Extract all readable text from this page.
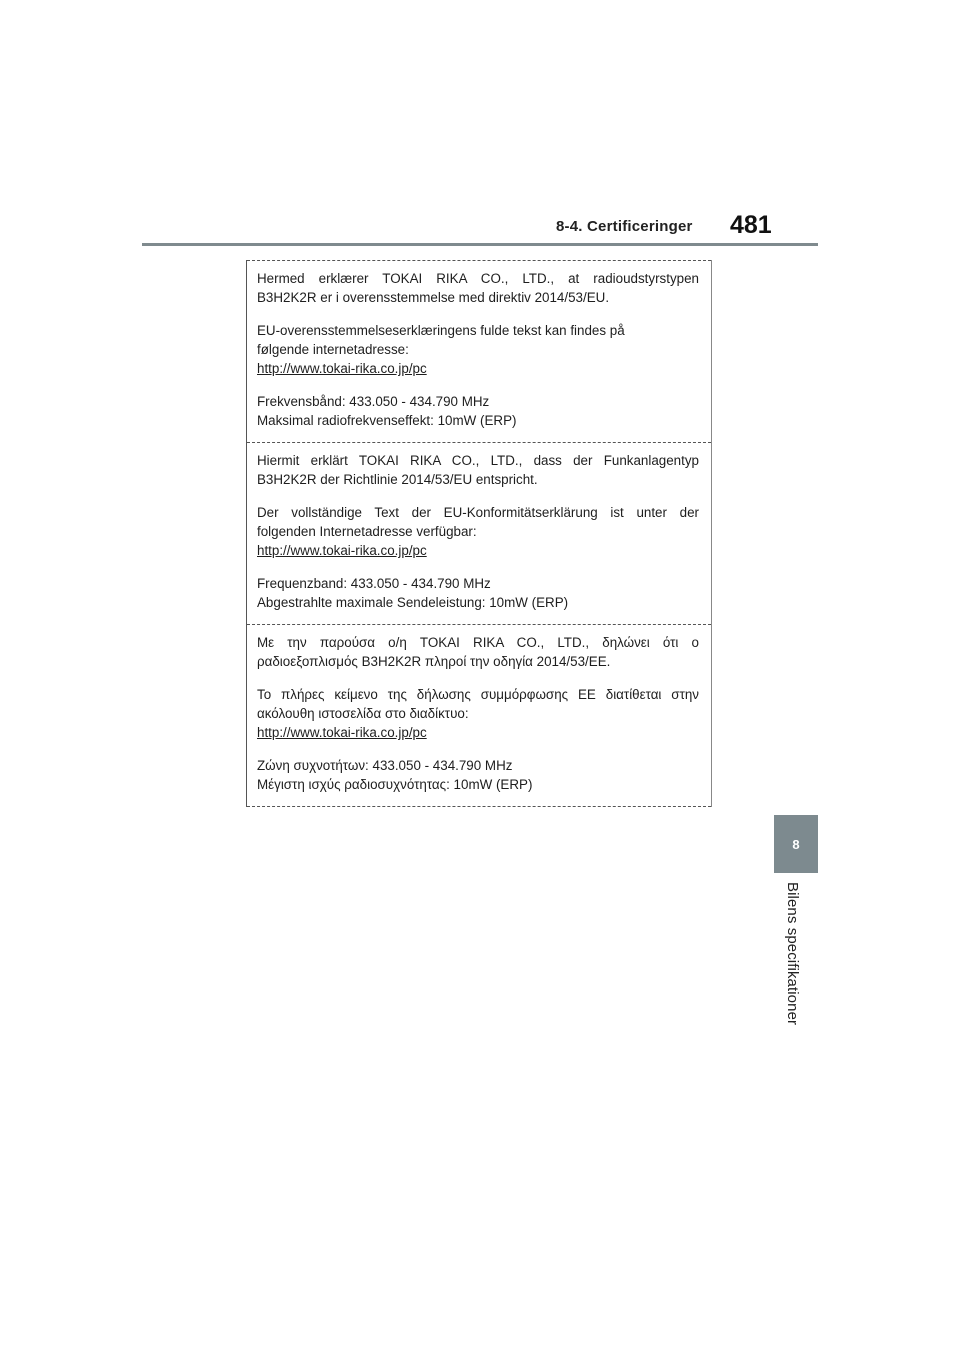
8-4. Certificeringer 481
8
Bilens specifikationer

Hermed erklærer TOKAI RIKA CO., LTD., at radioudstyrstypen

B3H2K2R er i overensstemmelse med direktiv 2014/53/EU.

EU-overensstemmelseserklæringens fulde tekst kan findes på

følgende internetadresse:

http://www.tokai-rika.co.jp/pc

Frekvensbånd: 433.050 - 434.790 MHz

Maksimal radiofrekvenseffekt: 10mW (ERP)

Hiermit erklärt TOKAI RIKA CO., LTD., dass der Funkanlagentyp

B3H2K2R der Richtlinie 2014/53/EU entspricht.

Der vollständige Text der EU-Konformitätserklärung ist unter der

folgenden Internetadresse verfügbar:

http://www.tokai-rika.co.jp/pc

Frequenzband: 433.050 - 434.790 MHz

Abgestrahlte maximale Sendeleistung: 10mW (ERP)

Με την παρούσα ο/η TOKAI RIKA CO., LTD., δηλώνει ότι ο

ραδιοεξοπλισμός B3H2K2R πληροί την οδηγία 2014/53/ΕΕ.

Το πλήρες κείμενο της δήλωσης συμμόρφωσης ΕΕ διατίθεται στην

ακόλουθη ιστοσελίδα στο διαδίκτυο:

http://www.tokai-rika.co.jp/pc

Ζώνη συχνοτήτων: 433.050 - 434.790 MHz

Μέγιστη ισχύς ραδιοσυχνότητας: 10mW (ERP)
